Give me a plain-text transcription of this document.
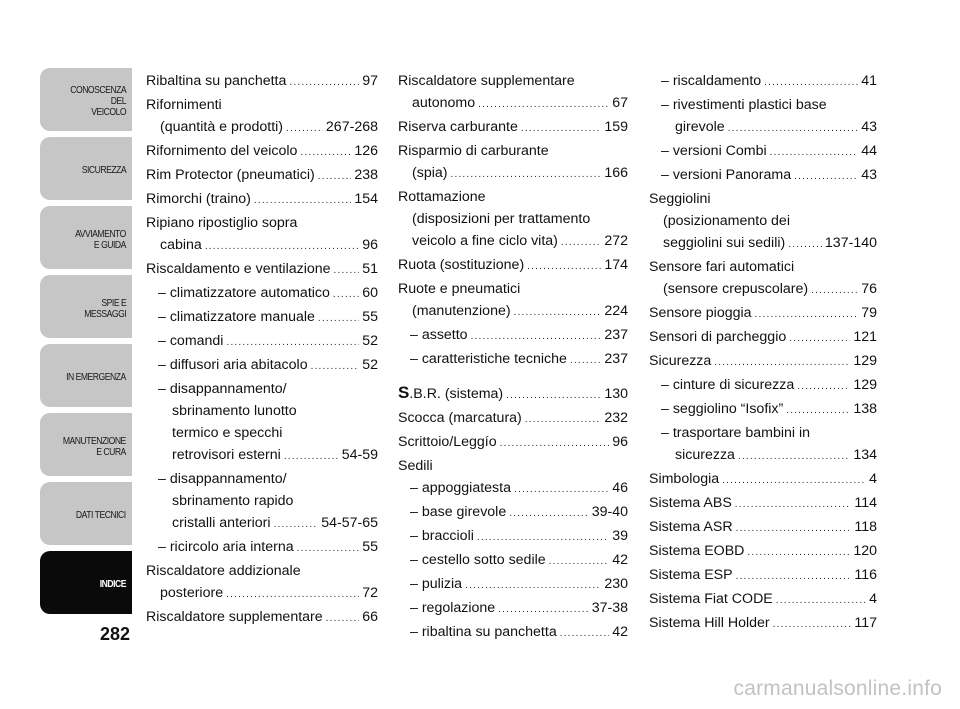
CONOSCENZA
DEL
VEICOLO
SICUREZZA
AVVIAMENTO
E GUIDA
SPIE E
MESSAGGI
IN EMERGENZA
MANUTENZIONE
E CURA
DATI TECNICI
INDICE
282
Ribaltina su panchetta .....	97
Rifornimenti
(quantità e prodotti) .....	267-268
Rifornimento del veicolo .....	126
Rim Protector (pneumatici) .....	238
Rimorchi (traino) .....	154
Ripiano ripostiglio sopra
cabina .....	96
Riscaldamento e ventilazione ..... 51
– climatizzatore automatico ..... 60
– climatizzatore manuale .....	55
– comandi .....	52
– diffusori aria abitacolo .....	52
– disappannamento/
sbrinamento lunotto
termico e specchi
retrovisori esterni .....	54-59
– disappannamento/
sbrinamento rapido
cristalli anteriori .....	54-57-65
– ricircolo aria interna .....	55
Riscaldatore addizionale
posteriore .....	72
Riscaldatore supplementare .....	66
Riscaldatore supplementare
autonomo .....	67
Riserva carburante .....	159
Risparmio di carburante
(spia) .....	166
Rottamazione
(disposizioni per trattamento
veicolo a fine ciclo vita) .....	272
Ruota (sostituzione) .....	174
Ruote e pneumatici
(manutenzione) .....	224
– assetto .....	237
– caratteristiche tecniche .....	237
S.B.R. (sistema) .....	130
Scocca (marcatura) .....	232
Scrittoio/Leggío .....	96
Sedili
– appoggiatesta .....	46
– base girevole .....	39-40
– braccioli .....	39
– cestello sotto sedile .....	42
– pulizia .....	230
– regolazione .....	37-38
– ribaltina su panchetta .....	42
– riscaldamento .....	41
– rivestimenti plastici base
girevole .....	43
– versioni Combi .....	44
– versioni Panorama .....	43
Seggiolini
(posizionamento dei
seggiolini sui sedili) .....	137-140
Sensore fari automatici
(sensore crepuscolare) .....	76
Sensore pioggia .....	79
Sensori di parcheggio .....	121
Sicurezza .....	129
– cinture di sicurezza .....	129
– seggiolino “Isofix” .....	138
– trasportare bambini in
sicurezza .....	134
Simbologia .....	4
Sistema ABS .....	114
Sistema ASR .....	118
Sistema EOBD .....	120
Sistema ESP .....	116
Sistema Fiat CODE .....	4
Sistema Hill Holder .....	117
carmanualsonline.info
